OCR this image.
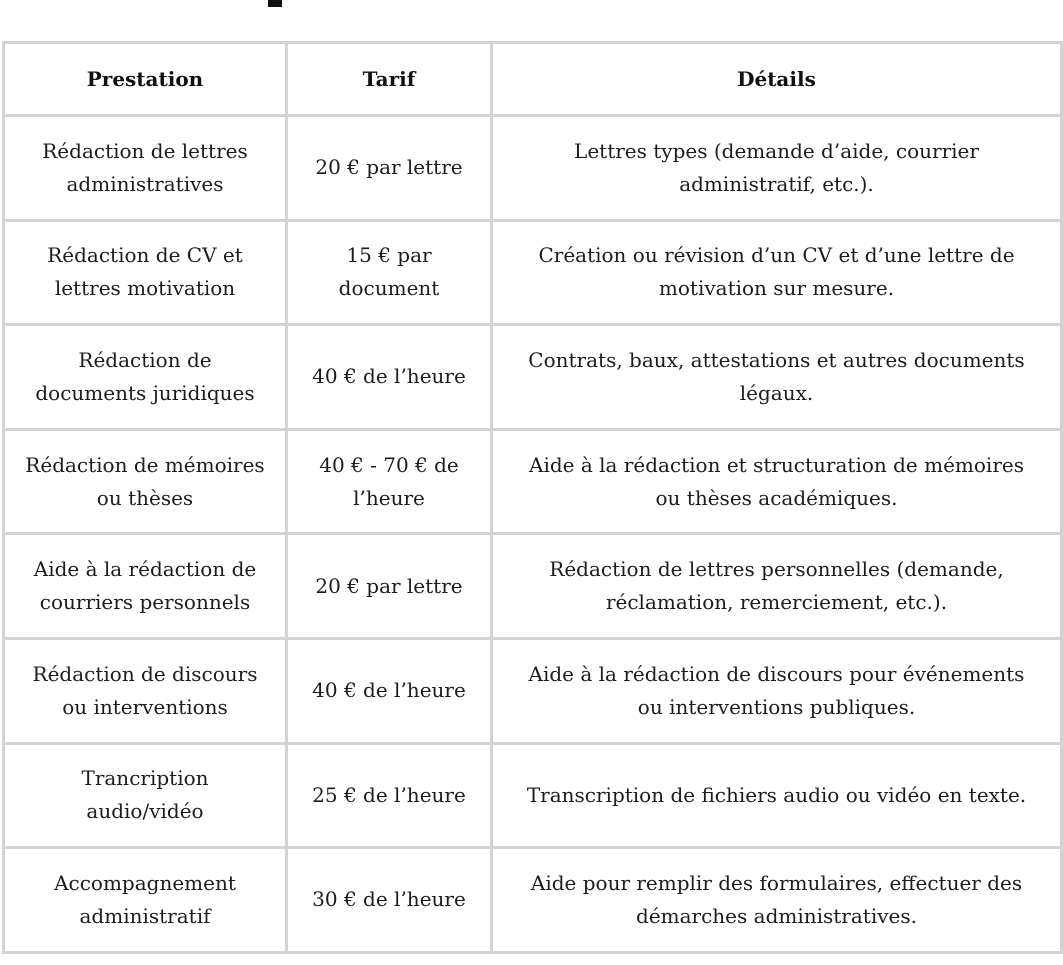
Prestation	Tarif	Détails
Rédaction de lettres administratives	20 € par lettre	Lettres types (demande d’aide, courrier administratif, etc.).
Rédaction de CV et lettres motivation	15 € par document	Création ou révision d’un CV et d’une lettre de motivation sur mesure.
Rédaction de documents juridiques	40 € de l’heure	Contrats, baux, attestations et autres documents légaux.
Rédaction de mémoires ou thèses	40 € - 70 € de l’heure	Aide à la rédaction et structuration de mémoires ou thèses académiques.
Aide à la rédaction de courriers personnels	20 € par lettre	Rédaction de lettres personnelles (demande, réclamation, remerciement, etc.).
Rédaction de discours ou interventions	40 € de l’heure	Aide à la rédaction de discours pour événements ou interventions publiques.
Trancription audio/vidéo	25 € de l’heure	Transcription de fichiers audio ou vidéo en texte.
Accompagnement administratif	30 € de l’heure	Aide pour remplir des formulaires, effectuer des démarches administratives.
